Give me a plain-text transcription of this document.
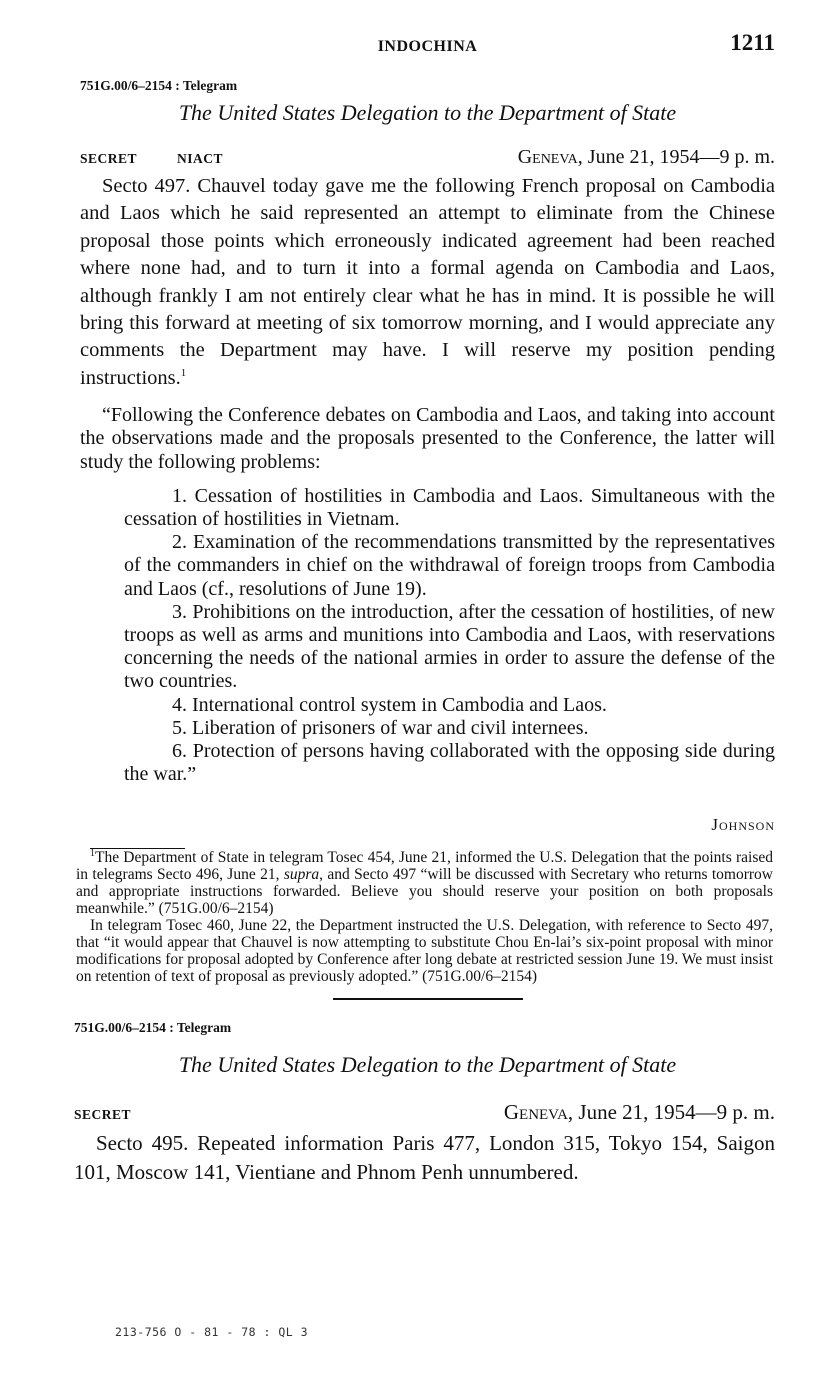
INDOCHINA	1211
751G.00/6–2154 : Telegram
The United States Delegation to the Department of State
SECRET	NIACT	Geneva, June 21, 1954—9 p. m.

Secto 497. Chauvel today gave me the following French proposal on Cambodia and Laos which he said represented an attempt to eliminate from the Chinese proposal those points which erroneously indicated agreement had been reached where none had, and to turn it into a formal agenda on Cambodia and Laos, although frankly I am not entirely clear what he has in mind. It is possible he will bring this forward at meeting of six tomorrow morning, and I would appreciate any comments the Department may have. I will reserve my position pending instructions.$^1$

“Following the Conference debates on Cambodia and Laos, and taking into account the observations made and the proposals presented to the Conference, the latter will study the following problems:

1. Cessation of hostilities in Cambodia and Laos. Simultaneous with the cessation of hostilities in Vietnam.

2. Examination of the recommendations transmitted by the representatives of the commanders in chief on the withdrawal of foreign troops from Cambodia and Laos (cf., resolutions of June 19).

3. Prohibitions on the introduction, after the cessation of hostilities, of new troops as well as arms and munitions into Cambodia and Laos, with reservations concerning the needs of the national armies in order to assure the defense of the two countries.

4. International control system in Cambodia and Laos.

5. Liberation of prisoners of war and civil internees.

6. Protection of persons having collaborated with the opposing side during the war.”

Johnson

$^1$The Department of State in telegram Tosec 454, June 21, informed the U.S. Delegation that the points raised in telegrams Secto 496, June 21, supra, and Secto 497 “will be discussed with Secretary who returns tomorrow and appropriate instructions forwarded. Believe you should reserve your position on both proposals meanwhile.” (751G.00/6–2154)

In telegram Tosec 460, June 22, the Department instructed the U.S. Delegation, with reference to Secto 497, that “it would appear that Chauvel is now attempting to substitute Chou En-lai’s six-point proposal with minor modifications for proposal adopted by Conference after long debate at restricted session June 19. We must insist on retention of text of proposal as previously adopted.” (751G.00/6–2154)

751G.00/6–2154 : Telegram
The United States Delegation to the Department of State
SECRET	Geneva, June 21, 1954—9 p. m.

Secto 495. Repeated information Paris 477, London 315, Tokyo 154, Saigon 101, Moscow 141, Vientiane and Phnom Penh unnumbered.

213-756 O - 81 - 78 : QL 3
